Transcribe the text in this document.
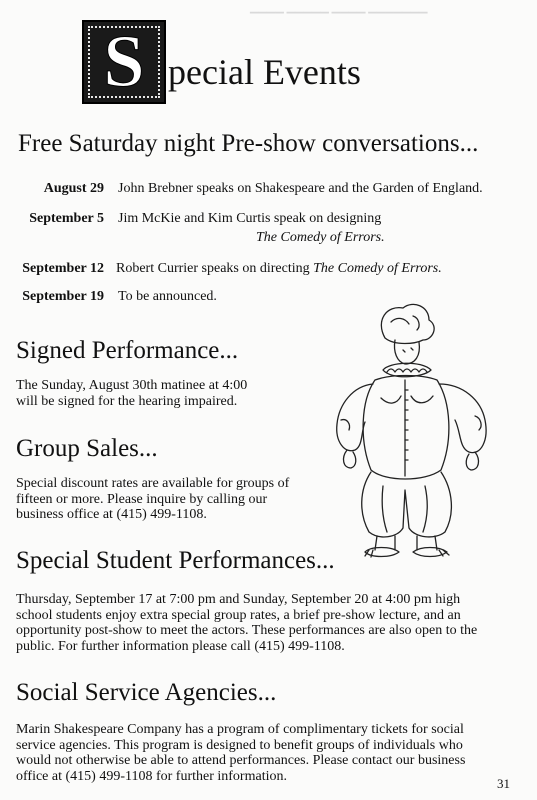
▔▔▔▔ ▔▔▔▔▔ ▔▔▔▔ ▔▔▔▔▔▔▔
S pecial Events
Free Saturday night Pre-show conversations...
August 29 John Brebner speaks on Shakespeare and the Garden of England.
September 5 Jim McKie and Kim Curtis speak on designing
The Comedy of Errors.
September 12 Robert Currier speaks on directing The Comedy of Errors.
September 19 To be announced.
Signed Performance...
The Sunday, August 30th matinee at 4:00 will be signed for the hearing impaired.
Group Sales...
Special discount rates are available for groups of fifteen or more. Please inquire by calling our business office at (415) 499-1108.
Special Student Performances...
Thursday, September 17 at 7:00 pm and Sunday, September 20 at 4:00 pm high school students enjoy extra special group rates, a brief pre-show lecture, and an opportunity post-show to meet the actors. These performances are also open to the public. For further information please call (415) 499-1108.
Social Service Agencies...
Marin Shakespeare Company has a program of complimentary tickets for social service agencies. This program is designed to benefit groups of individuals who would not otherwise be able to attend performances. Please contact our business office at (415) 499-1108 for further information.	31
